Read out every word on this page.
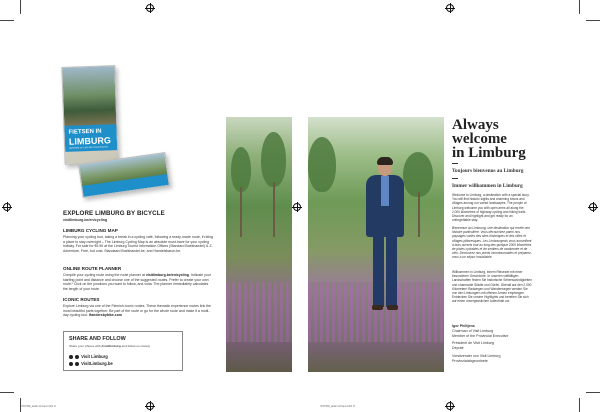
33700_welcome.indd 2
FIETSEN IN
LIMBURG
NETWORK OF 2,000 KM CYCLE ROUTES
EXPLORE LIMBURG BY BICYCLE
visitlimburg.be/en/cycling
LIMBURG CYCLING MAP

Planning your cycling tour, taking a break in a cycling café, following a ready-made route, if riding a place to stay overnight – The Limburg Cycling Map is an absolute must-have for your cycling holiday. For sale for €9.50 at the Limburg Tourist Information Offices (Standard Boekhandel) & Z-Adventure, Free, but cost, Standaard Boekhandel.be, and Handelsbaron.be.

ONLINE ROUTE PLANNER

Compile your cycling route using the route planner at visitlimburg.be/en/cycling. Indicate your starting point and distance and choose one of the suggested routes. Prefer to create your own route? Click on the junctions you want to follow, and voila: The planner immediately calculates the length of your route.

ICONIC ROUTES

Explore Limburg via one of the Flemish iconic routes. These thematic experience routes link the most beautiful parts together. Be part of the route or go for the whole route and make it a multi-day cycling tour. flandersbybike.com

SHARE AND FOLLOW
Share your photos with #visitlimburg and follow us closely
Visit Limburg
VisitLimburg.be
33700_welcome.indd 3
Always
welcome
in Limburg
Toujours bienvenus au Limburg
Immer willkommen in Limburg

Welcome to Limburg, a destination with a special story. You will find historic sights and charming towns and villages among our varied landscapes. The people of Limburg welcome you with open arms all along the 2,000 kilometres of highway cycling and hiking trails. Discover and highlight and get ready for an unforgettable stay.

Bienvenue au Limbourg, une destination qui recèle une histoire particulière. Vous découvrirez parmi nos paysages variés des sites historiques et des villes et villages pittoresques. Les Limbourgeois vous accueillent à bras ouverts tout au long des quelque 2000 kilomètres de pistes cyclables et de sentiers de randonnée et de vélo. Découvrez nos points incontournables et préparez-vous à un séjour inoubliable.

Willkommen in Limburg, einem Reiseziel mit einer besonderen Geschichte. In unseren vielfältigen Landschaften finden Sie historische Sehenswürdigkeiten und charmante Städte und Dörfer. Überall auf den 2.000 Kilometern Radwegen und Wanderwegen werden Sie von den Limburgern mit offenen Armen empfangen. Entdecken Sie unsere Highlights und bereiten Sie sich auf einen unvergesslichen Aufenthalt vor.

Igor Philtjens
Chairman of Visit Limburg
Member of the Provincial Executive
Président de Visit Limburg
Député
Vorsitzender von Visit Limburg
Provinzialabgeordnete
